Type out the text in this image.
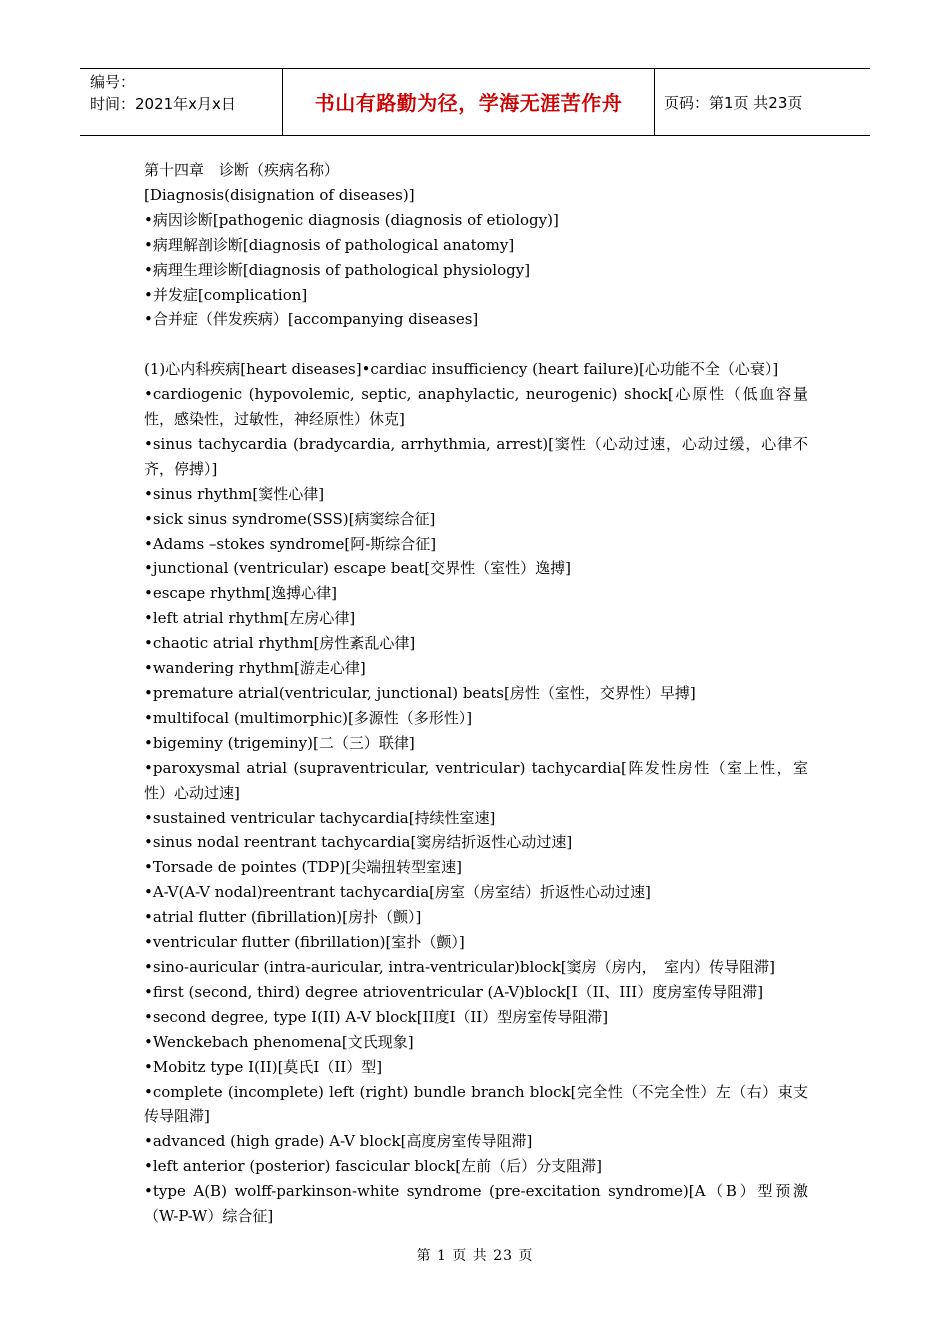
编号：
时间：2021年x月x日	书山有路勤为径，学海无涯苦作舟	页码：第1页 共23页
第十四章　诊断（疾病名称）
[Diagnosis(disignation of diseases)]
•病因诊断[pathogenic diagnosis (diagnosis of etiology)]
•病理解剖诊断[diagnosis of pathological anatomy]
•病理生理诊断[diagnosis of pathological physiology]
•并发症[complication]
•合并症（伴发疾病）[accompanying diseases]
(1)心内科疾病[heart diseases]•cardiac insufficiency (heart failure)[心功能不全（心衰）]
•cardiogenic (hypovolemic, septic, anaphylactic, neurogenic) shock[心原性（低血容量性，感染性，过敏性，神经原性）休克]
•sinus tachycardia (bradycardia, arrhythmia, arrest)[窦性（心动过速，心动过缓，心律不齐，停搏）]
•sinus rhythm[窦性心律]
•sick sinus syndrome(SSS)[病窦综合征]
•Adams –stokes syndrome[阿-斯综合征]
•junctional (ventricular) escape beat[交界性（室性）逸搏]
•escape rhythm[逸搏心律]
•left atrial rhythm[左房心律]
•chaotic atrial rhythm[房性紊乱心律]
•wandering rhythm[游走心律]
•premature atrial(ventricular, junctional) beats[房性（室性，交界性）早搏]
•multifocal (multimorphic)[多源性（多形性）]
•bigeminy (trigeminy)[二（三）联律]
•paroxysmal atrial (supraventricular, ventricular) tachycardia[阵发性房性（室上性，室性）心动过速]
•sustained ventricular tachycardia[持续性室速]
•sinus nodal reentrant tachycardia[窦房结折返性心动过速]
•Torsade de pointes (TDP)[尖端扭转型室速]
•A-V(A-V nodal)reentrant tachycardia[房室（房室结）折返性心动过速]
•atrial flutter (fibrillation)[房扑（颤）]
•ventricular flutter (fibrillation)[室扑（颤）]
•sino-auricular (intra-auricular, intra-ventricular)block[窦房（房内，　室内）传导阻滞]
•first (second, third) degree atrioventricular (A-V)block[I（II、III）度房室传导阻滞]
•second degree, type I(II) A-V block[II度I（II）型房室传导阻滞]
•Wenckebach phenomena[文氏现象]
•Mobitz type I(II)[莫氏I（II）型]
•complete (incomplete) left (right) bundle branch block[完全性（不完全性）左（右）束支传导阻滞]
•advanced (high grade) A-V block[高度房室传导阻滞]
•left anterior (posterior) fascicular block[左前（后）分支阻滞]
•type A(B) wolff-parkinson-white syndrome (pre-excitation syndrome)[A（B）型预激（W-P-W）综合征]
第 1 页 共 23 页
